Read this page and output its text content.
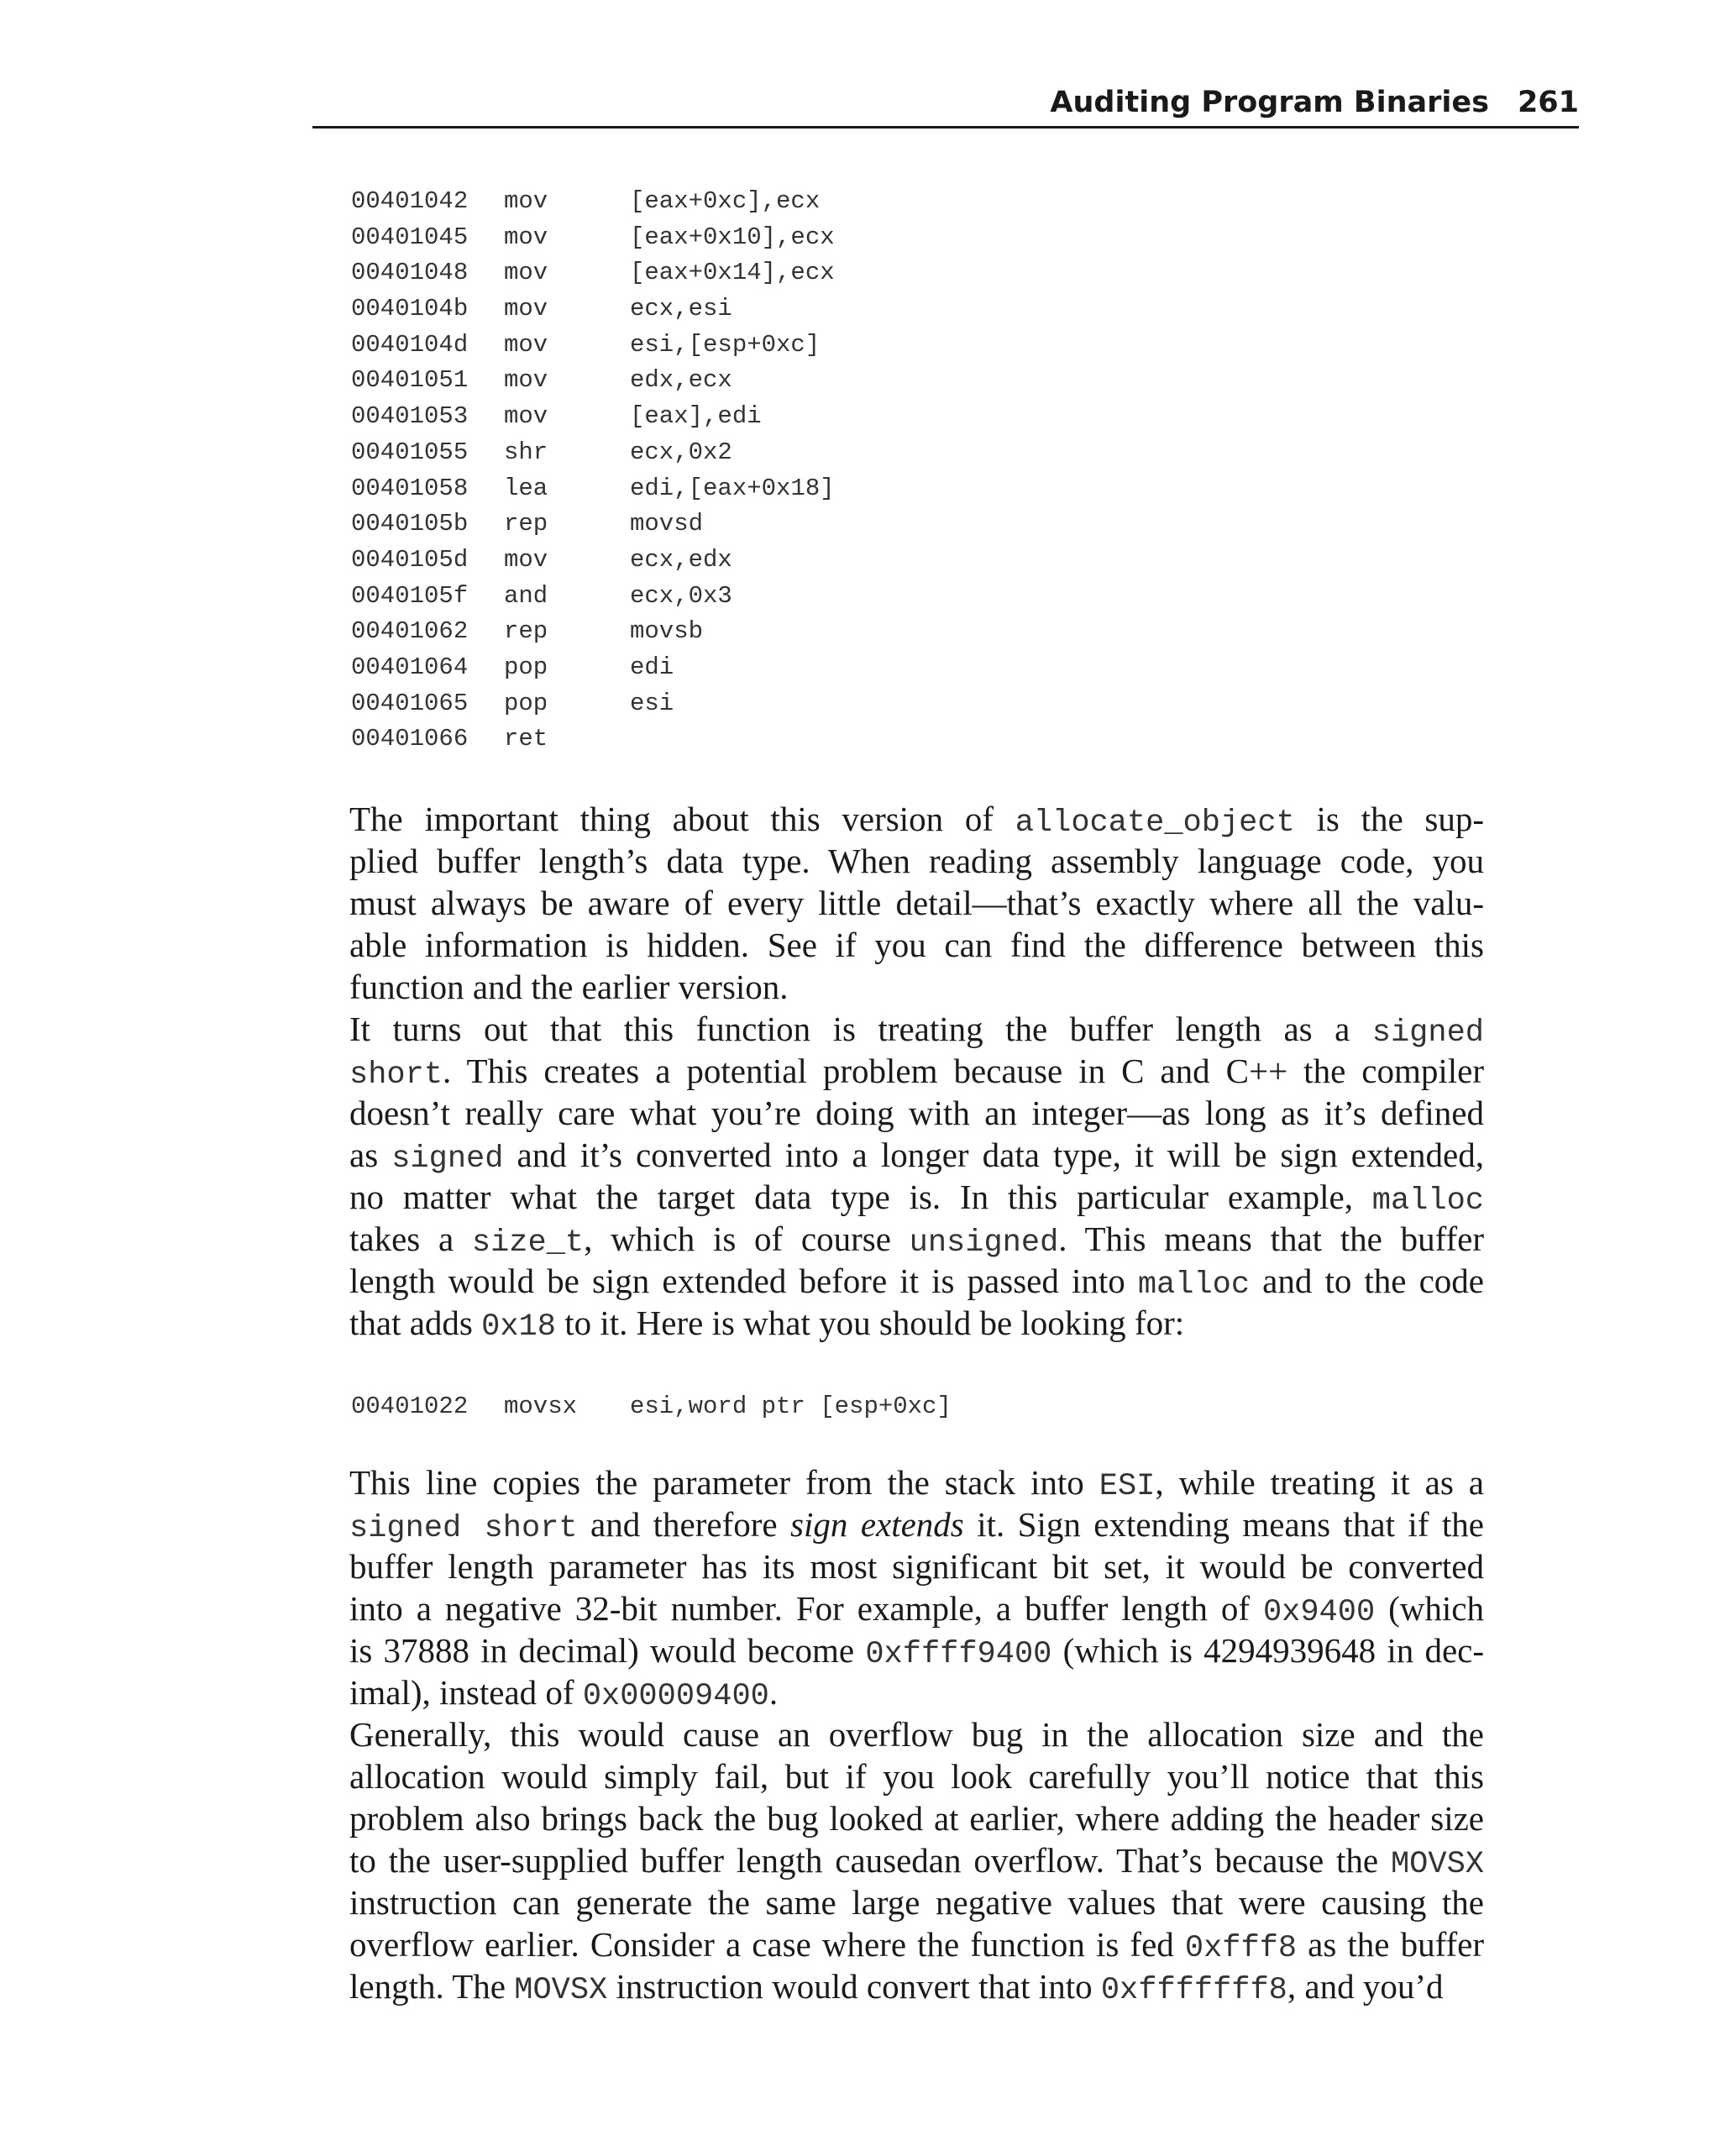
Auditing Program Binaries 261
00401042 mov	[eax+0xc],ecx
00401045 mov	[eax+0x10],ecx
00401048 mov	[eax+0x14],ecx
0040104b mov	ecx,esi
0040104d mov	esi,[esp+0xc]
00401051 mov	edx,ecx
00401053 mov	[eax],edi
00401055 shr	ecx,0x2
00401058 lea	edi,[eax+0x18]
0040105b rep	movsd
0040105d mov	ecx,edx
0040105f and	ecx,0x3
00401062 rep	movsb
00401064 pop	edi
00401065 pop	esi
00401066 ret

The important thing about this version of allocate_object is the sup-
plied buffer length’s data type. When reading assembly language code, you
must always be aware of every little detail—that’s exactly where all the valu-
able information is hidden. See if you can find the difference between this
function and the earlier version.

It turns out that this function is treating the buffer length as a signed
short. This creates a potential problem because in C and C++ the compiler
doesn’t really care what you’re doing with an integer—as long as it’s defined
as signed and it’s converted into a longer data type, it will be sign extended,
no matter what the target data type is. In this particular example, malloc
takes a size_t, which is of course unsigned. This means that the buffer
length would be sign extended before it is passed into malloc and to the code
that adds 0x18 to it. Here is what you should be looking for:

00401022 movsx esi,word ptr [esp+0xc]

This line copies the parameter from the stack into ESI, while treating it as a
signed short and therefore sign extends it. Sign extending means that if the
buffer length parameter has its most significant bit set, it would be converted
into a negative 32-bit number. For example, a buffer length of 0x9400 (which
is 37888 in decimal) would become 0xffff9400 (which is 4294939648 in dec-
imal), instead of 0x00009400.

Generally, this would cause an overflow bug in the allocation size and the
allocation would simply fail, but if you look carefully you’ll notice that this
problem also brings back the bug looked at earlier, where adding the header size
to the user-supplied buffer length causedan overflow. That’s because the MOVSX
instruction can generate the same large negative values that were causing the
overflow earlier. Consider a case where the function is fed 0xfff8 as the buffer
length. The MOVSX instruction would convert that into 0xfffffff8, and you’d
